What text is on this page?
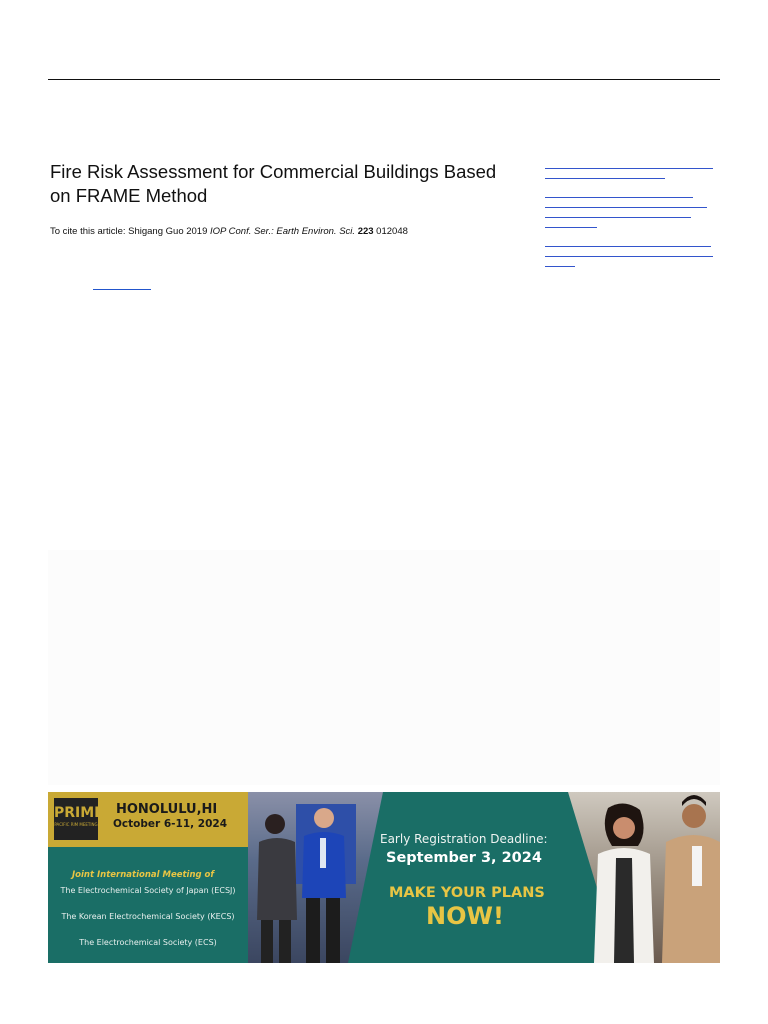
Fire Risk Assessment for Commercial Buildings Based on FRAME Method
To cite this article: Shigang Guo 2019 IOP Conf. Ser.: Earth Environ. Sci. 223 012048
PRIME
PACIFIC RIM MEETING
HONOLULU,HI
October 6-11, 2024
Joint International Meeting of
The Electrochemical Society of Japan (ECSJ)
The Korean Electrochemical Society (KECS)
The Electrochemical Society (ECS)
Early Registration Deadline:
September 3, 2024
MAKE YOUR PLANS
NOW!
